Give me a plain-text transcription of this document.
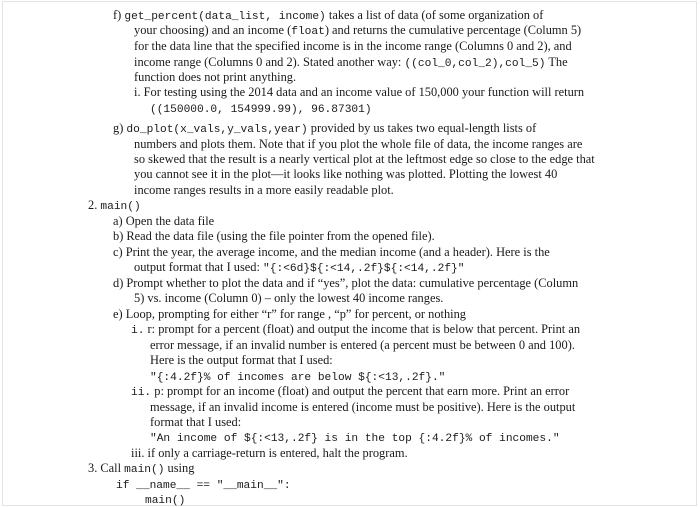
f) get_percent(data_list, income) takes a list of data (of some organization of
your choosing) and an income (float) and returns the cumulative percentage (Column 5)
for the data line that the specified income is in the income range (Columns 0 and 2), and
income range (Columns 0 and 2). Stated another way: ((col_0,col_2),col_5) The
function does not print anything.
i. For testing using the 2014 data and an income value of 150,000 your function will return
((150000.0, 154999.99), 96.87301)
g) do_plot(x_vals,y_vals,year) provided by us takes two equal-length lists of
numbers and plots them. Note that if you plot the whole file of data, the income ranges are
so skewed that the result is a nearly vertical plot at the leftmost edge so close to the edge that
you cannot see it in the plot—it looks like nothing was plotted. Plotting the lowest 40
income ranges results in a more easily readable plot.
2. main()
a) Open the data file
b) Read the data file (using the file pointer from the opened file).
c) Print the year, the average income, and the median income (and a header). Here is the
output format that I used: "{:<6d}${:<14,.2f}${:<14,.2f}"
d) Prompt whether to plot the data and if “yes”, plot the data: cumulative percentage (Column
5) vs. income (Column 0) – only the lowest 40 income ranges.
e) Loop, prompting for either “r” for range , “p” for percent, or nothing
i. r: prompt for a percent (float) and output the income that is below that percent. Print an
error message, if an invalid number is entered (a percent must be between 0 and 100).
Here is the output format that I used:
"{:4.2f}% of incomes are below ${:<13,.2f}."
ii. p: prompt for an income (float) and output the percent that earn more. Print an error
message, if an invalid income is entered (income must be positive). Here is the output
format that I used:
"An income of ${:<13,.2f} is in the top {:4.2f}% of incomes."
iii. if only a carriage-return is entered, halt the program.
3. Call main() using
if __name__ == "__main__":
main()
